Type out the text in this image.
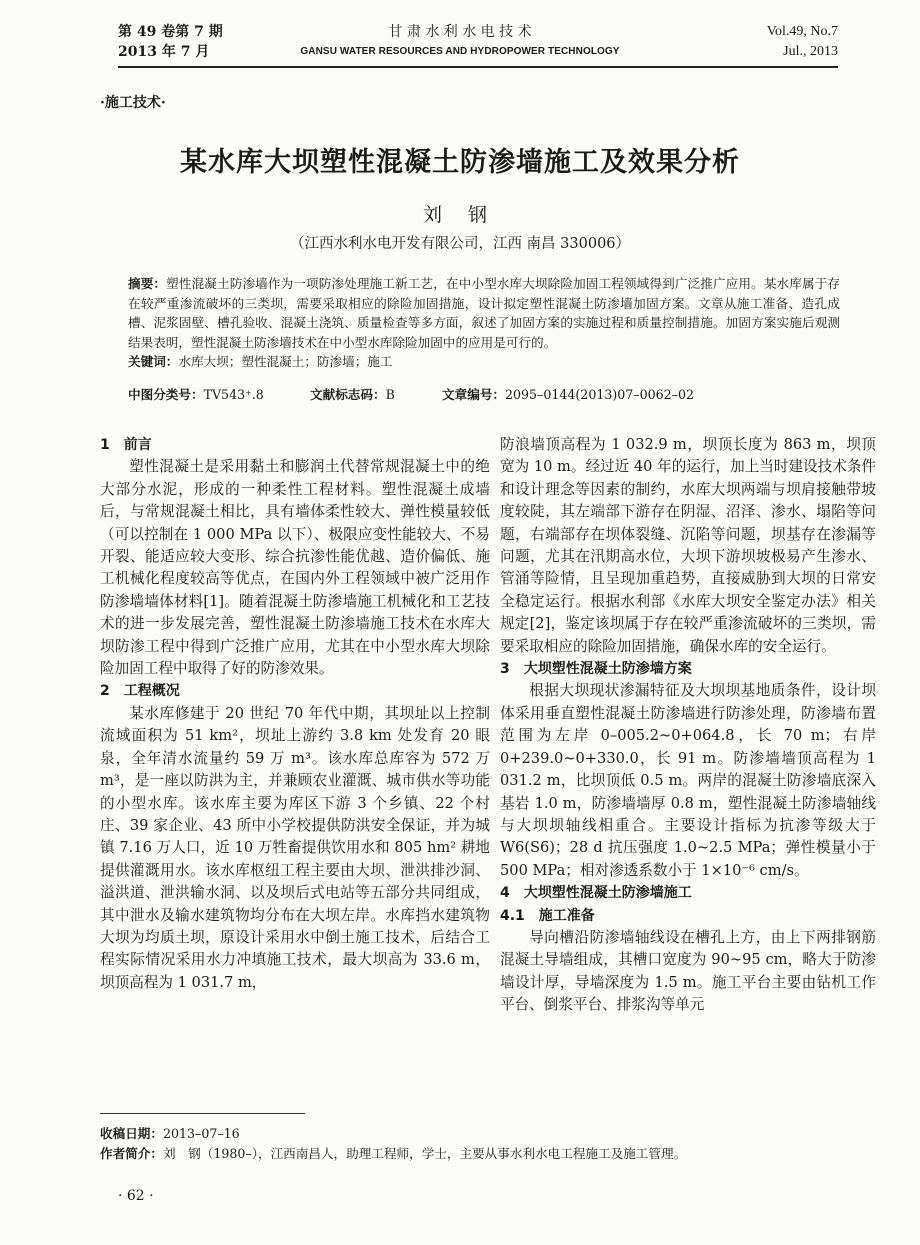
第 49 卷第 7 期
2013 年 7 月
甘 肃 水 利 水 电 技 术
GANSU WATER RESOURCES AND HYDROPOWER TECHNOLOGY
Vol.49, No.7
Jul., 2013
·施工技术·
某水库大坝塑性混凝土防渗墙施工及效果分析
刘 钢
（江西水利水电开发有限公司，江西 南昌 330006）
摘要：塑性混凝土防渗墙作为一项防渗处理施工新工艺，在中小型水库大坝除险加固工程领域得到广泛推广应用。某水库属于存在较严重渗流破坏的三类坝，需要采取相应的除险加固措施，设计拟定塑性混凝土防渗墙加固方案。文章从施工准备、造孔成槽、泥浆固壁、槽孔验收、混凝土浇筑、质量检查等多方面，叙述了加固方案的实施过程和质量控制措施。加固方案实施后观测结果表明，塑性混凝土防渗墙技术在中小型水库除险加固中的应用是可行的。
关键词：水库大坝；塑性混凝土；防渗墙；施工
中图分类号：TV543⁺.8	文献标志码：B	文章编号：2095–0144(2013)07–0062–02
1　前言

塑性混凝土是采用黏土和膨润土代替常规混凝土中的绝大部分水泥，形成的一种柔性工程材料。塑性混凝土成墙后，与常规混凝土相比，具有墙体柔性较大、弹性模量较低（可以控制在 1 000 MPa 以下）、极限应变性能较大、不易开裂、能适应较大变形、综合抗渗性能优越、造价偏低、施工机械化程度较高等优点，在国内外工程领域中被广泛用作防渗墙墙体材料[1]。随着混凝土防渗墙施工机械化和工艺技术的进一步发展完善，塑性混凝土防渗墙施工技术在水库大坝防渗工程中得到广泛推广应用，尤其在中小型水库大坝除险加固工程中取得了好的防渗效果。

2　工程概况

某水库修建于 20 世纪 70 年代中期，其坝址以上控制流域面积为 51 km²，坝址上游约 3.8 km 处发育 20 眼泉，全年清水流量约 59 万 m³。该水库总库容为 572 万 m³，是一座以防洪为主，并兼顾农业灌溉、城市供水等功能的小型水库。该水库主要为库区下游 3 个乡镇、22 个村庄、39 家企业、43 所中小学校提供防洪安全保证，并为城镇 7.16 万人口，近 10 万牲畜提供饮用水和 805 hm² 耕地提供灌溉用水。该水库枢纽工程主要由大坝、泄洪排沙洞、溢洪道、泄洪输水洞、以及坝后式电站等五部分共同组成，其中泄水及输水建筑物均分布在大坝左岸。水库挡水建筑物大坝为均质土坝，原设计采用水中倒土施工技术，后结合工程实际情况采用水力冲填施工技术，最大坝高为 33.6 m，坝顶高程为 1 031.7 m，

防浪墙顶高程为 1 032.9 m，坝顶长度为 863 m，坝顶宽为 10 m。经过近 40 年的运行，加上当时建设技术条件和设计理念等因素的制约，水库大坝两端与坝肩接触带坡度较陡，其左端部下游存在阴湿、沼泽、渗水、塌陷等问题，右端部存在坝体裂缝、沉陷等问题，坝基存在渗漏等问题，尤其在汛期高水位，大坝下游坝坡极易产生渗水、管涌等险情，且呈现加重趋势，直接威胁到大坝的日常安全稳定运行。根据水利部《水库大坝安全鉴定办法》相关规定[2]，鉴定该坝属于存在较严重渗流破坏的三类坝，需要采取相应的除险加固措施，确保水库的安全运行。

3　大坝塑性混凝土防渗墙方案

根据大坝现状渗漏特征及大坝坝基地质条件，设计坝体采用垂直塑性混凝土防渗墙进行防渗处理，防渗墙布置范围为左岸 0–005.2~0+064.8，长 70 m；右岸 0+239.0~0+330.0，长 91 m。防渗墙墙顶高程为 1 031.2 m，比坝顶低 0.5 m。两岸的混凝土防渗墙底深入基岩 1.0 m，防渗墙墙厚 0.8 m，塑性混凝土防渗墙轴线与大坝坝轴线相重合。主要设计指标为抗渗等级大于 W6(S6)；28 d 抗压强度 1.0~2.5 MPa；弹性模量小于 500 MPa；相对渗透系数小于 1×10⁻⁶ cm/s。

4　大坝塑性混凝土防渗墙施工
4.1　施工准备

导向槽沿防渗墙轴线设在槽孔上方，由上下两排钢筋混凝土导墙组成，其槽口宽度为 90~95 cm，略大于防渗墙设计厚，导墙深度为 1.5 m。施工平台主要由钻机工作平台、倒浆平台、排浆沟等单元

收稿日期：2013–07–16
作者简介：刘　钢（1980–），江西南昌人，助理工程师，学士，主要从事水利水电工程施工及施工管理。
· 62 ·
